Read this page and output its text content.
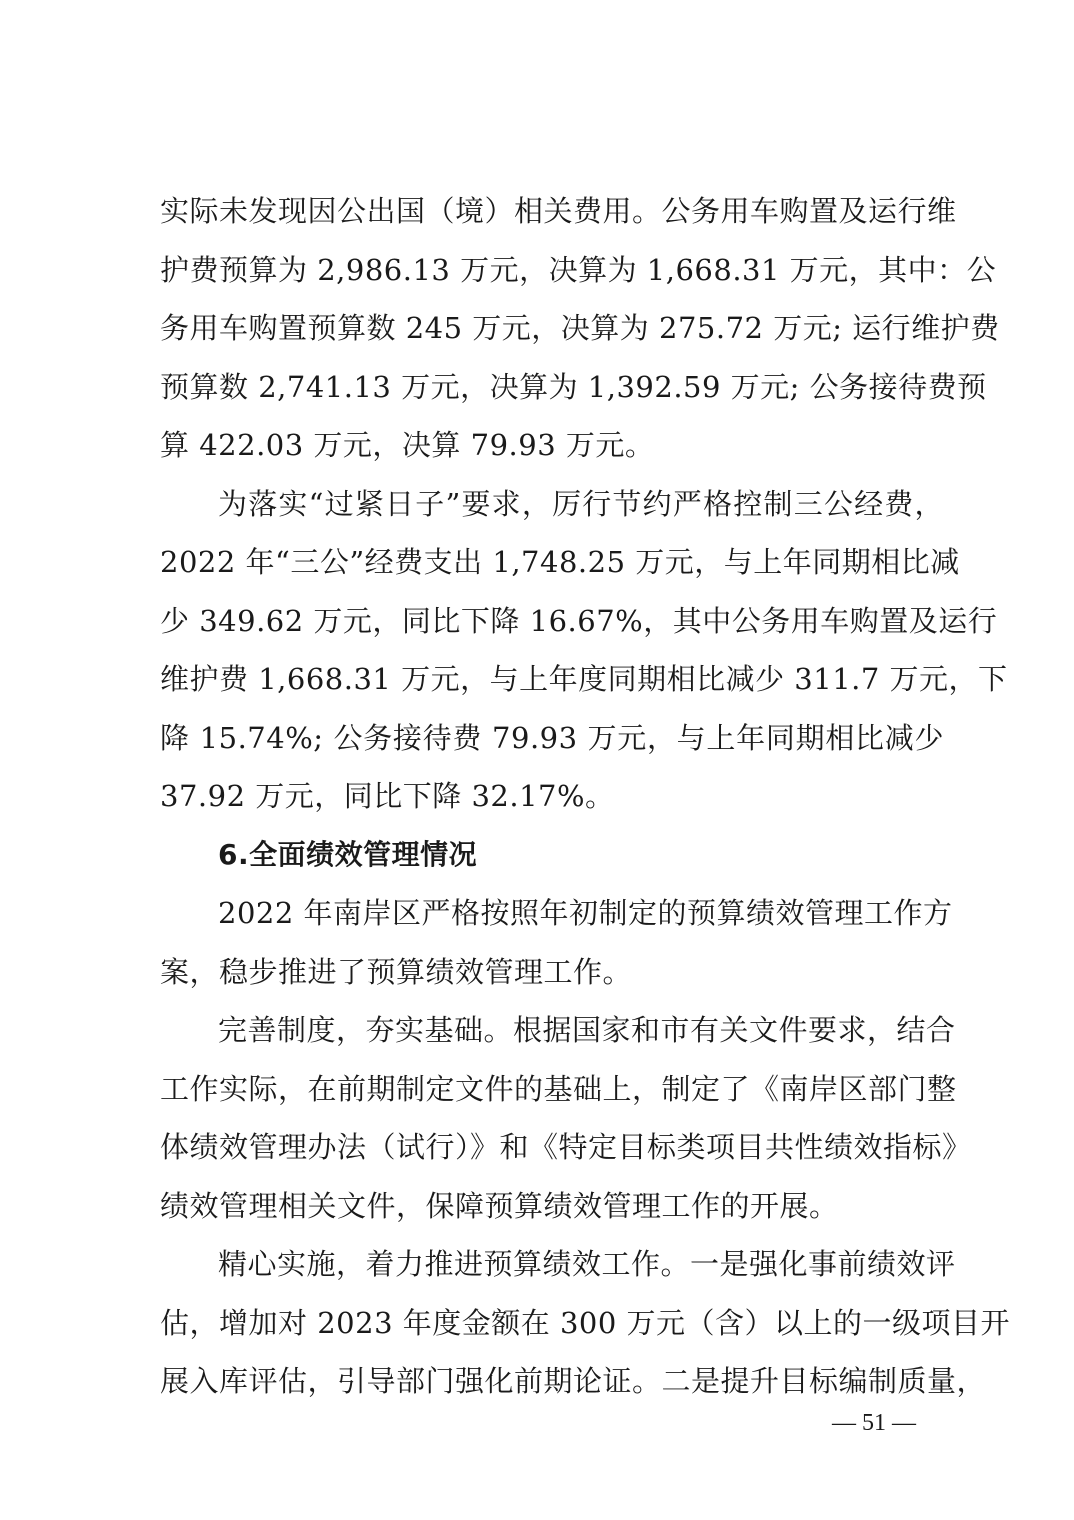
实际未发现因公出国（境）相关费用。公务用车购置及运行维
护费预算为 2,986.13 万元，决算为 1,668.31 万元，其中：公
务用车购置预算数 245 万元，决算为 275.72 万元; 运行维护费
预算数 2,741.13 万元，决算为 1,392.59 万元; 公务接待费预
算 422.03 万元，决算 79.93 万元。
为落实“过紧日子”要求，厉行节约严格控制三公经费，
2022 年“三公”经费支出 1,748.25 万元，与上年同期相比减
少 349.62 万元，同比下降 16.67%，其中公务用车购置及运行
维护费 1,668.31 万元，与上年度同期相比减少 311.7 万元，下
降 15.74%; 公务接待费 79.93 万元，与上年同期相比减少
37.92 万元，同比下降 32.17%。
6.全面绩效管理情况
2022 年南岸区严格按照年初制定的预算绩效管理工作方
案，稳步推进了预算绩效管理工作。
完善制度，夯实基础。根据国家和市有关文件要求，结合
工作实际，在前期制定文件的基础上，制定了《南岸区部门整
体绩效管理办法（试行）》和《特定目标类项目共性绩效指标》
绩效管理相关文件，保障预算绩效管理工作的开展。
精心实施，着力推进预算绩效工作。一是强化事前绩效评
估，增加对 2023 年度金额在 300 万元（含）以上的一级项目开
展入库评估，引导部门强化前期论证。二是提升目标编制质量，
— 51 —
